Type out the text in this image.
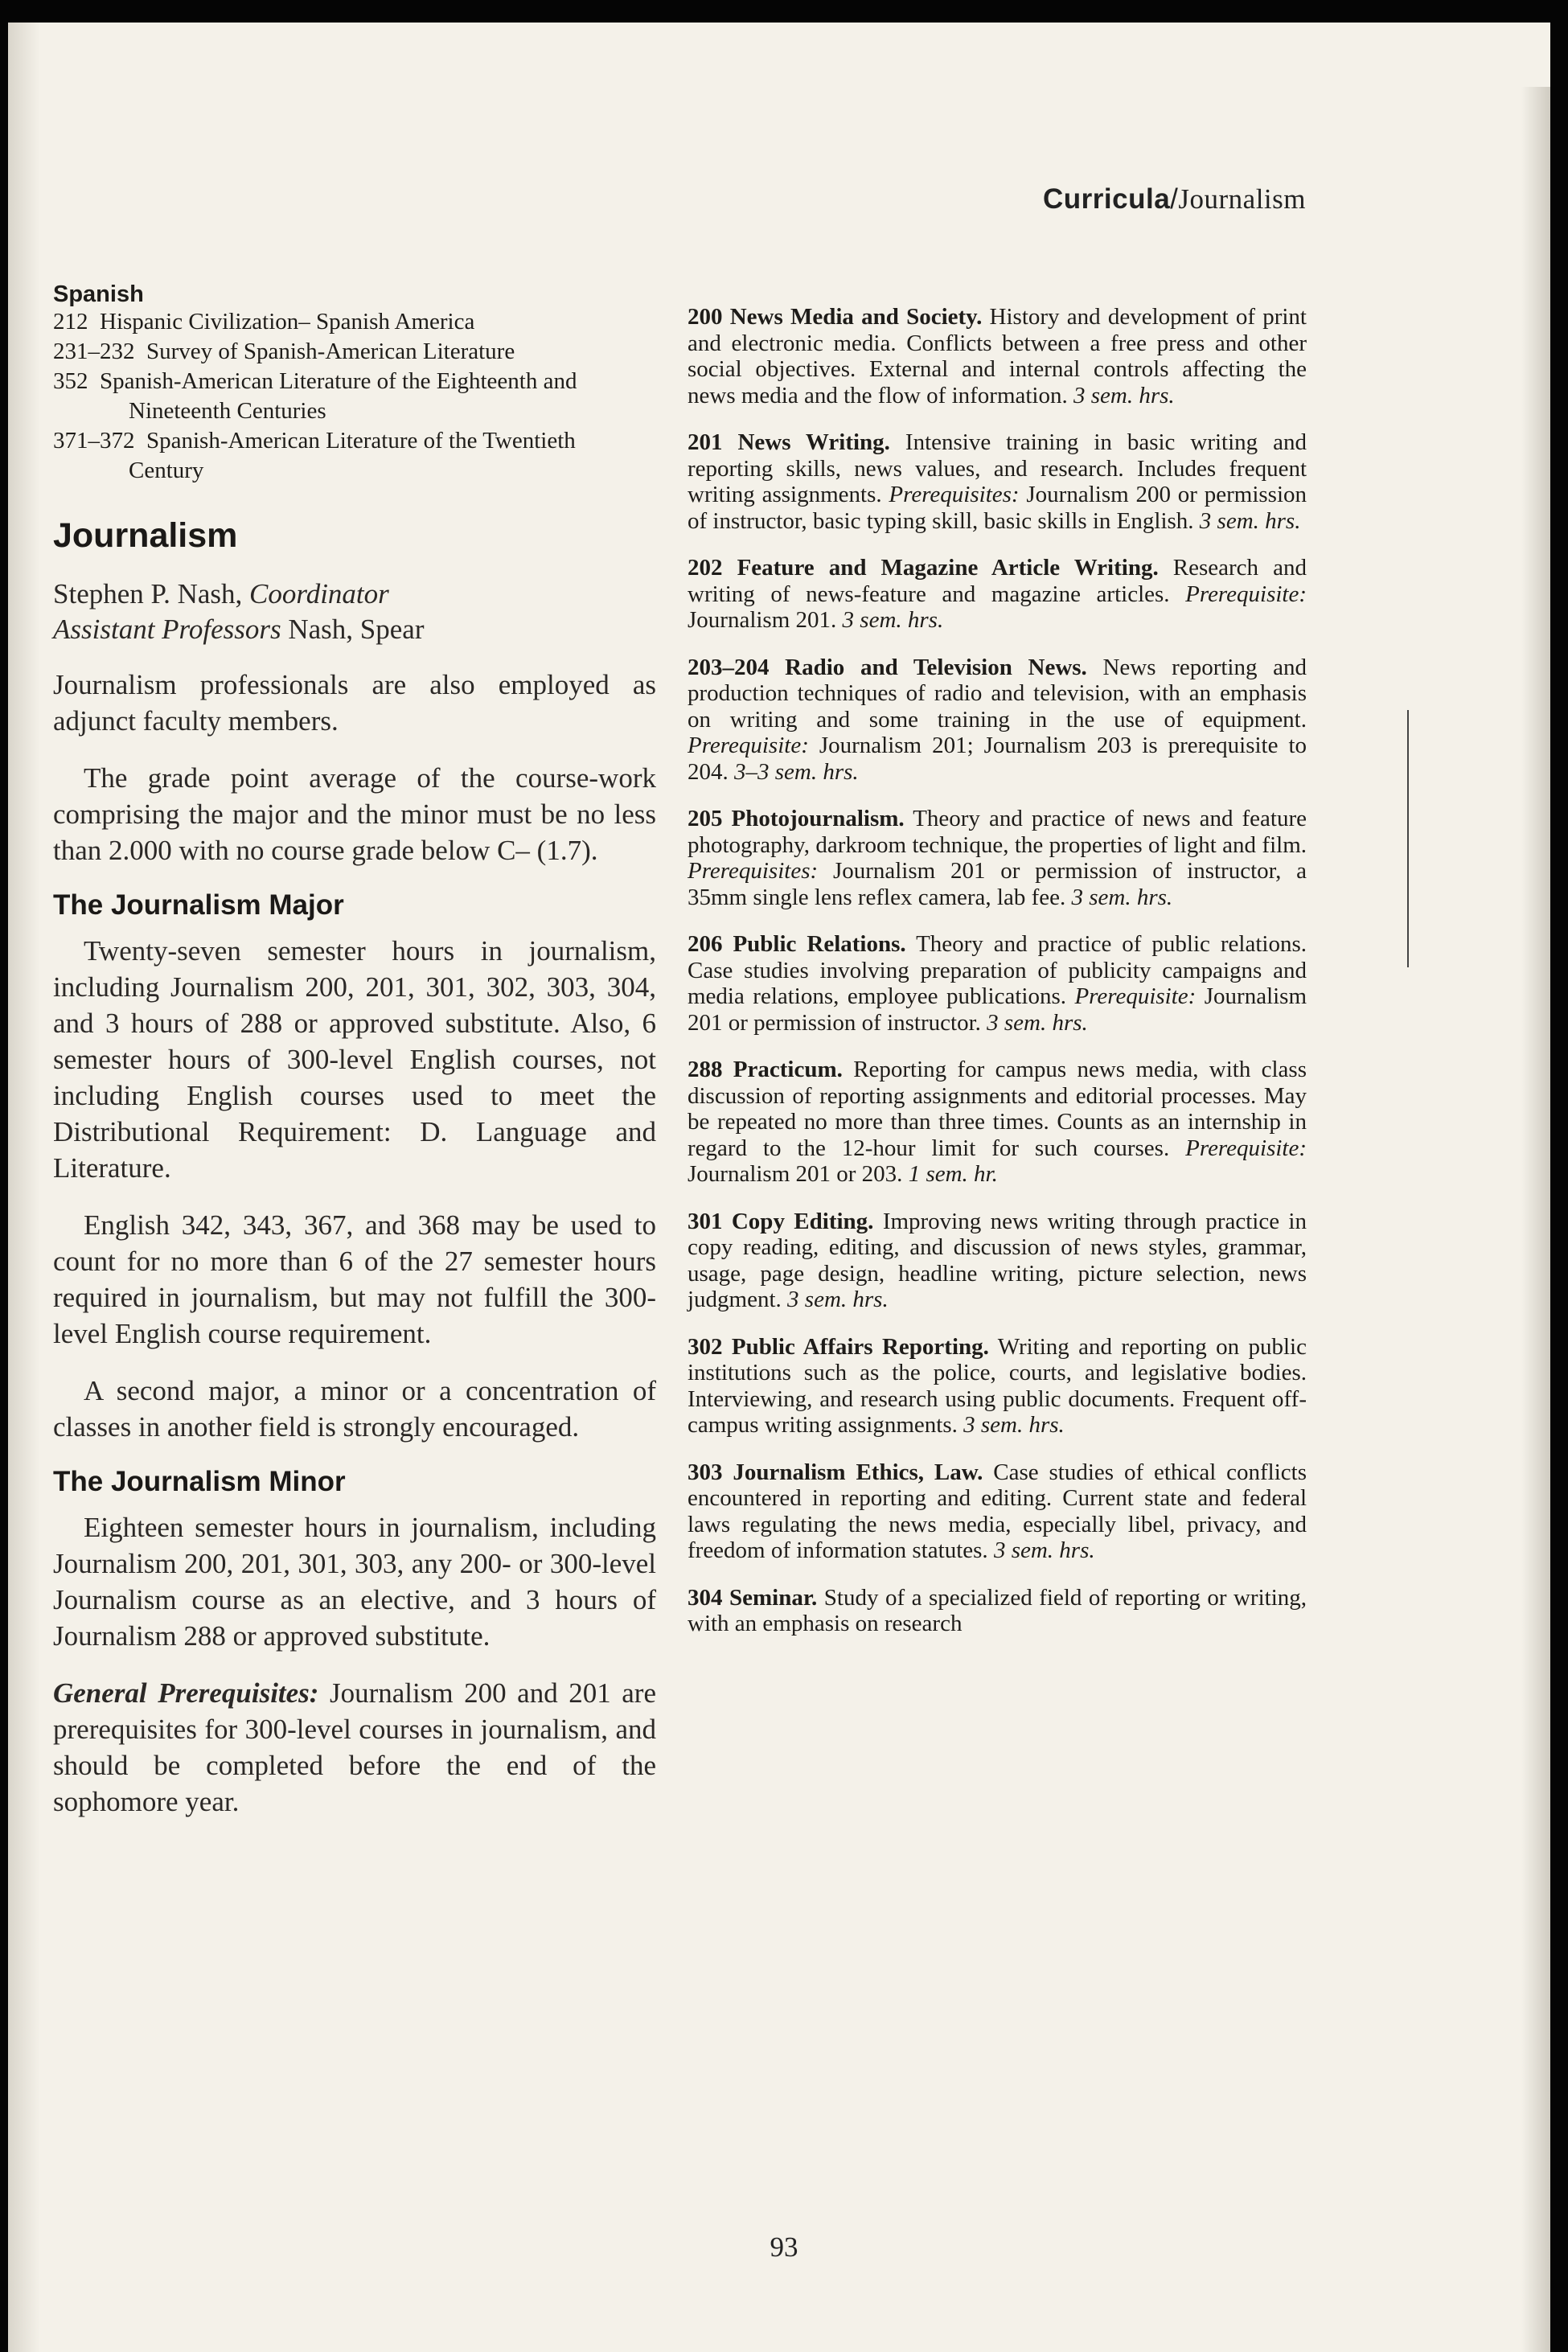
Curricula/Journalism
Spanish
212 Hispanic Civilization– Spanish America
231–232 Survey of Spanish-American Literature
352 Spanish-American Literature of the Eighteenth and Nineteenth Centuries
371–372 Spanish-American Literature of the Twentieth Century
Journalism
Stephen P. Nash, Coordinator
Assistant Professors Nash, Spear
Journalism professionals are also employed as adjunct faculty members.
The grade point average of the course-work comprising the major and the minor must be no less than 2.000 with no course grade below C– (1.7).
The Journalism Major
Twenty-seven semester hours in journalism, including Journalism 200, 201, 301, 302, 303, 304, and 3 hours of 288 or approved substitute. Also, 6 semester hours of 300-level English courses, not including English courses used to meet the Distributional Requirement: D. Language and Literature.
English 342, 343, 367, and 368 may be used to count for no more than 6 of the 27 semester hours required in journalism, but may not fulfill the 300-level English course requirement.
A second major, a minor or a concentration of classes in another field is strongly encouraged.
The Journalism Minor
Eighteen semester hours in journalism, including Journalism 200, 201, 301, 303, any 200- or 300-level Journalism course as an elective, and 3 hours of Journalism 288 or approved substitute.
General Prerequisites: Journalism 200 and 201 are prerequisites for 300-level courses in journalism, and should be completed before the end of the sophomore year.
200 News Media and Society. History and development of print and electronic media. Conflicts between a free press and other social objectives. External and internal controls affecting the news media and the flow of information. 3 sem. hrs.
201 News Writing. Intensive training in basic writing and reporting skills, news values, and research. Includes frequent writing assignments. Prerequisites: Journalism 200 or permission of instructor, basic typing skill, basic skills in English. 3 sem. hrs.
202 Feature and Magazine Article Writing. Research and writing of news-feature and magazine articles. Prerequisite: Journalism 201. 3 sem. hrs.
203–204 Radio and Television News. News reporting and production techniques of radio and television, with an emphasis on writing and some training in the use of equipment. Prerequisite: Journalism 201; Journalism 203 is prerequisite to 204. 3–3 sem. hrs.
205 Photojournalism. Theory and practice of news and feature photography, darkroom technique, the properties of light and film. Prerequisites: Journalism 201 or permission of instructor, a 35mm single lens reflex camera, lab fee. 3 sem. hrs.
206 Public Relations. Theory and practice of public relations. Case studies involving preparation of publicity campaigns and media relations, employee publications. Prerequisite: Journalism 201 or permission of instructor. 3 sem. hrs.
288 Practicum. Reporting for campus news media, with class discussion of reporting assignments and editorial processes. May be repeated no more than three times. Counts as an internship in regard to the 12-hour limit for such courses. Prerequisite: Journalism 201 or 203. 1 sem. hr.
301 Copy Editing. Improving news writing through practice in copy reading, editing, and discussion of news styles, grammar, usage, page design, headline writing, picture selection, news judgment. 3 sem. hrs.
302 Public Affairs Reporting. Writing and reporting on public institutions such as the police, courts, and legislative bodies. Interviewing, and research using public documents. Frequent off-campus writing assignments. 3 sem. hrs.
303 Journalism Ethics, Law. Case studies of ethical conflicts encountered in reporting and editing. Current state and federal laws regulating the news media, especially libel, privacy, and freedom of information statutes. 3 sem. hrs.
304 Seminar. Study of a specialized field of reporting or writing, with an emphasis on research
93
